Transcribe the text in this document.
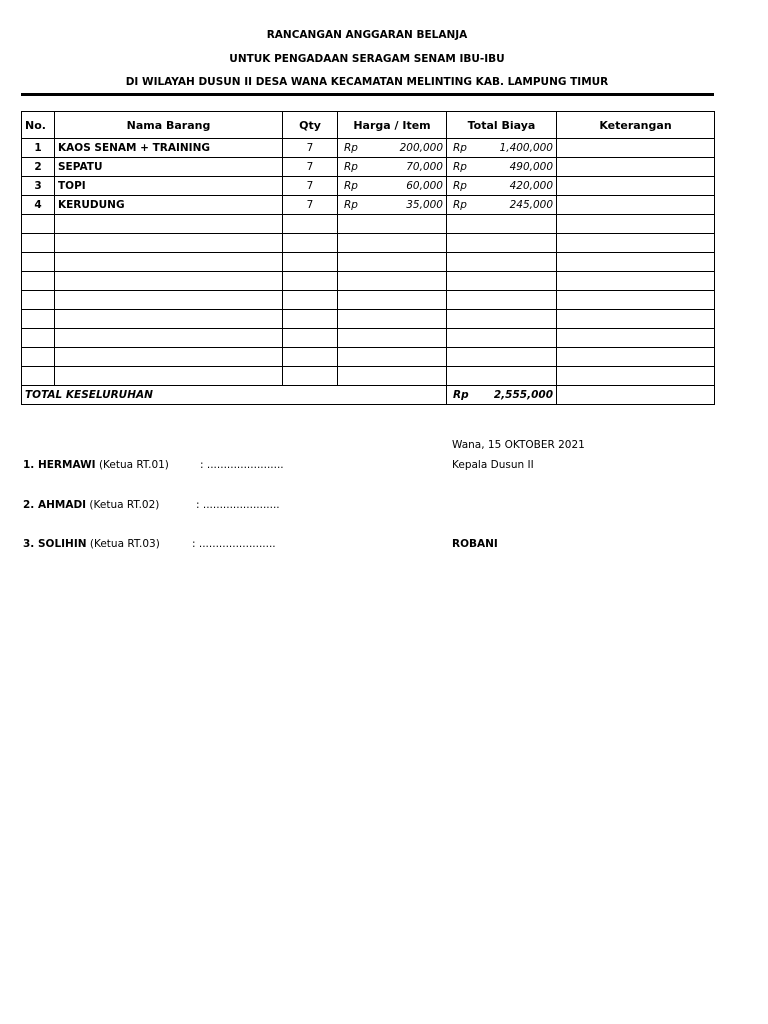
RANCANGAN ANGGARAN BELANJA
UNTUK PENGADAAN SERAGAM SENAM IBU-IBU
DI WILAYAH DUSUN II DESA WANA KECAMATAN MELINTING KAB. LAMPUNG TIMUR
No.	Nama Barang	Qty	Harga / Item	Total Biaya	Keterangan
1	KAOS SENAM + TRAINING	7	Rp 200,000	Rp 1,400,000	

2	SEPATU	7	Rp 70,000	Rp 490,000	

3	TOPI	7	Rp 60,000	Rp 420,000	

4	KERUDUNG	7	Rp 35,000	Rp 245,000	

TOTAL KESELURUHAN				Rp 2,555,000	

Wana, 15 OKTOBER 2021
Kepala Dusun II
ROBANI
1. HERMAWI (Ketua RT.01)	: .......................
2. AHMADI (Ketua RT.02)	: .......................
3. SOLIHIN (Ketua RT.03)	: .......................
